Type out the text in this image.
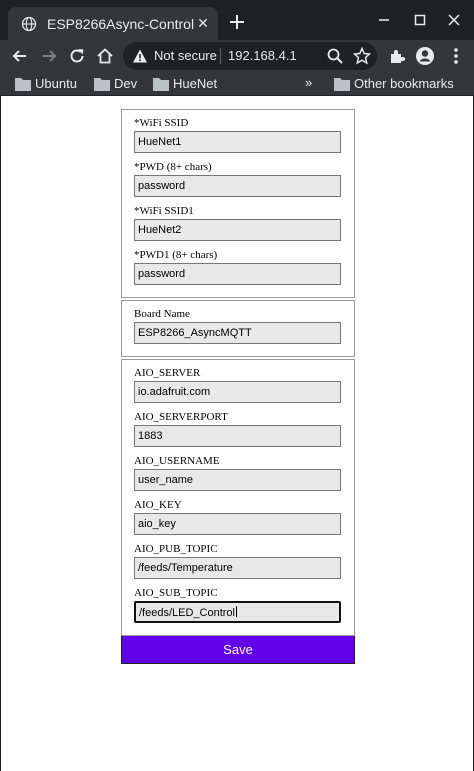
ESP8266Async-Control ✕
Not secure 192.168.4.1
Ubuntu	Dev	HueNet	»	Other bookmarks
*WiFi SSID
HueNet1
*PWD (8+ chars)
password
*WiFi SSID1
HueNet2
*PWD1 (8+ chars)
password
Board Name
ESP8266_AsyncMQTT
AIO_SERVER
io.adafruit.com
AIO_SERVERPORT
1883
AIO_USERNAME
user_name
AIO_KEY
aio_key
AIO_PUB_TOPIC
/feeds/Temperature
AIO_SUB_TOPIC
/feeds/LED_Control
Save
